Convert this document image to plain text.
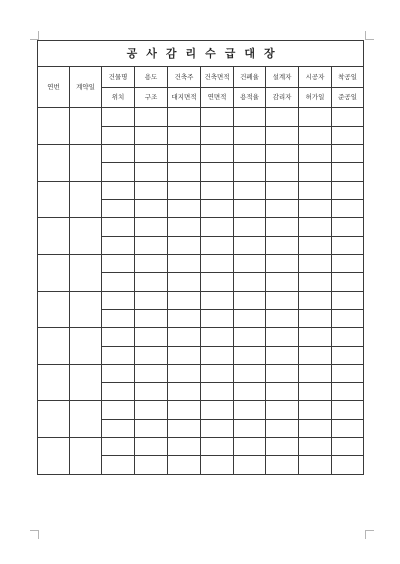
공사감리수급대장									
연번	계약일	건물명	용도	건축주	건축면적	건폐율	설계자	시공자	착공일
		위치	구조	대지면적	연면적	용적율	감리자	허가일	준공일
